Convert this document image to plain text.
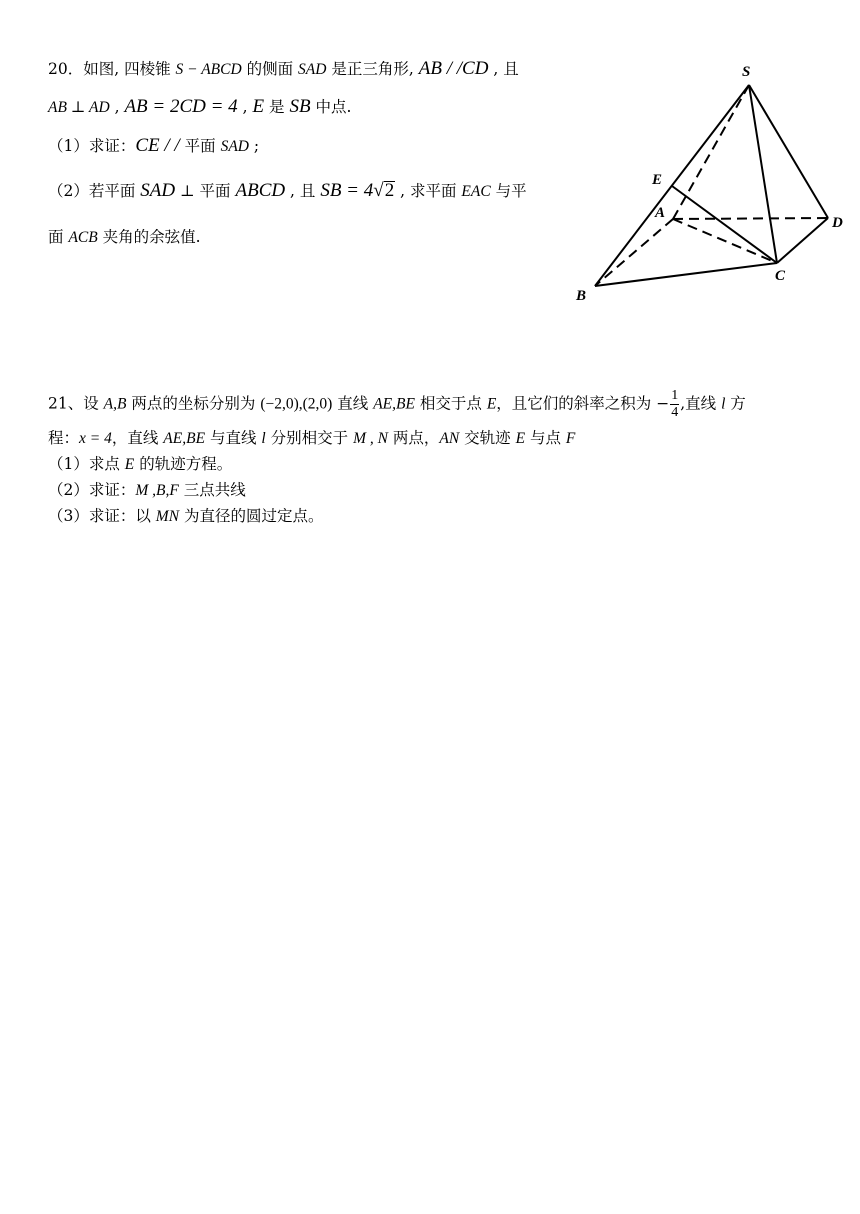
20．如图, 四棱锥 S − ABCD 的侧面 SAD 是正三角形, AB / /CD , 且
AB ⊥ AD , AB = 2CD = 4 , E 是 SB 中点.
（1）求证：CE / / 平面 SAD ;
（2）若平面 SAD ⊥ 平面 ABCD , 且 SB = 4√2 , 求平面 EAC 与平
面 ACB 夹角的余弦值.
S
E
A
D
B
C
21、设 A,B 两点的坐标分别为 (−2,0),(2,0) 直线 AE,BE 相交于点 E，且它们的斜率之积为 − $\frac{1}{4}$ ,直线 l 方
程：x = 4，直线 AE,BE 与直线 l 分别相交于 M , N 两点，AN 交轨迹 E 与点 F
（1）求点 E 的轨迹方程。
（2）求证：M ,B,F 三点共线
（3）求证：以 MN 为直径的圆过定点。
